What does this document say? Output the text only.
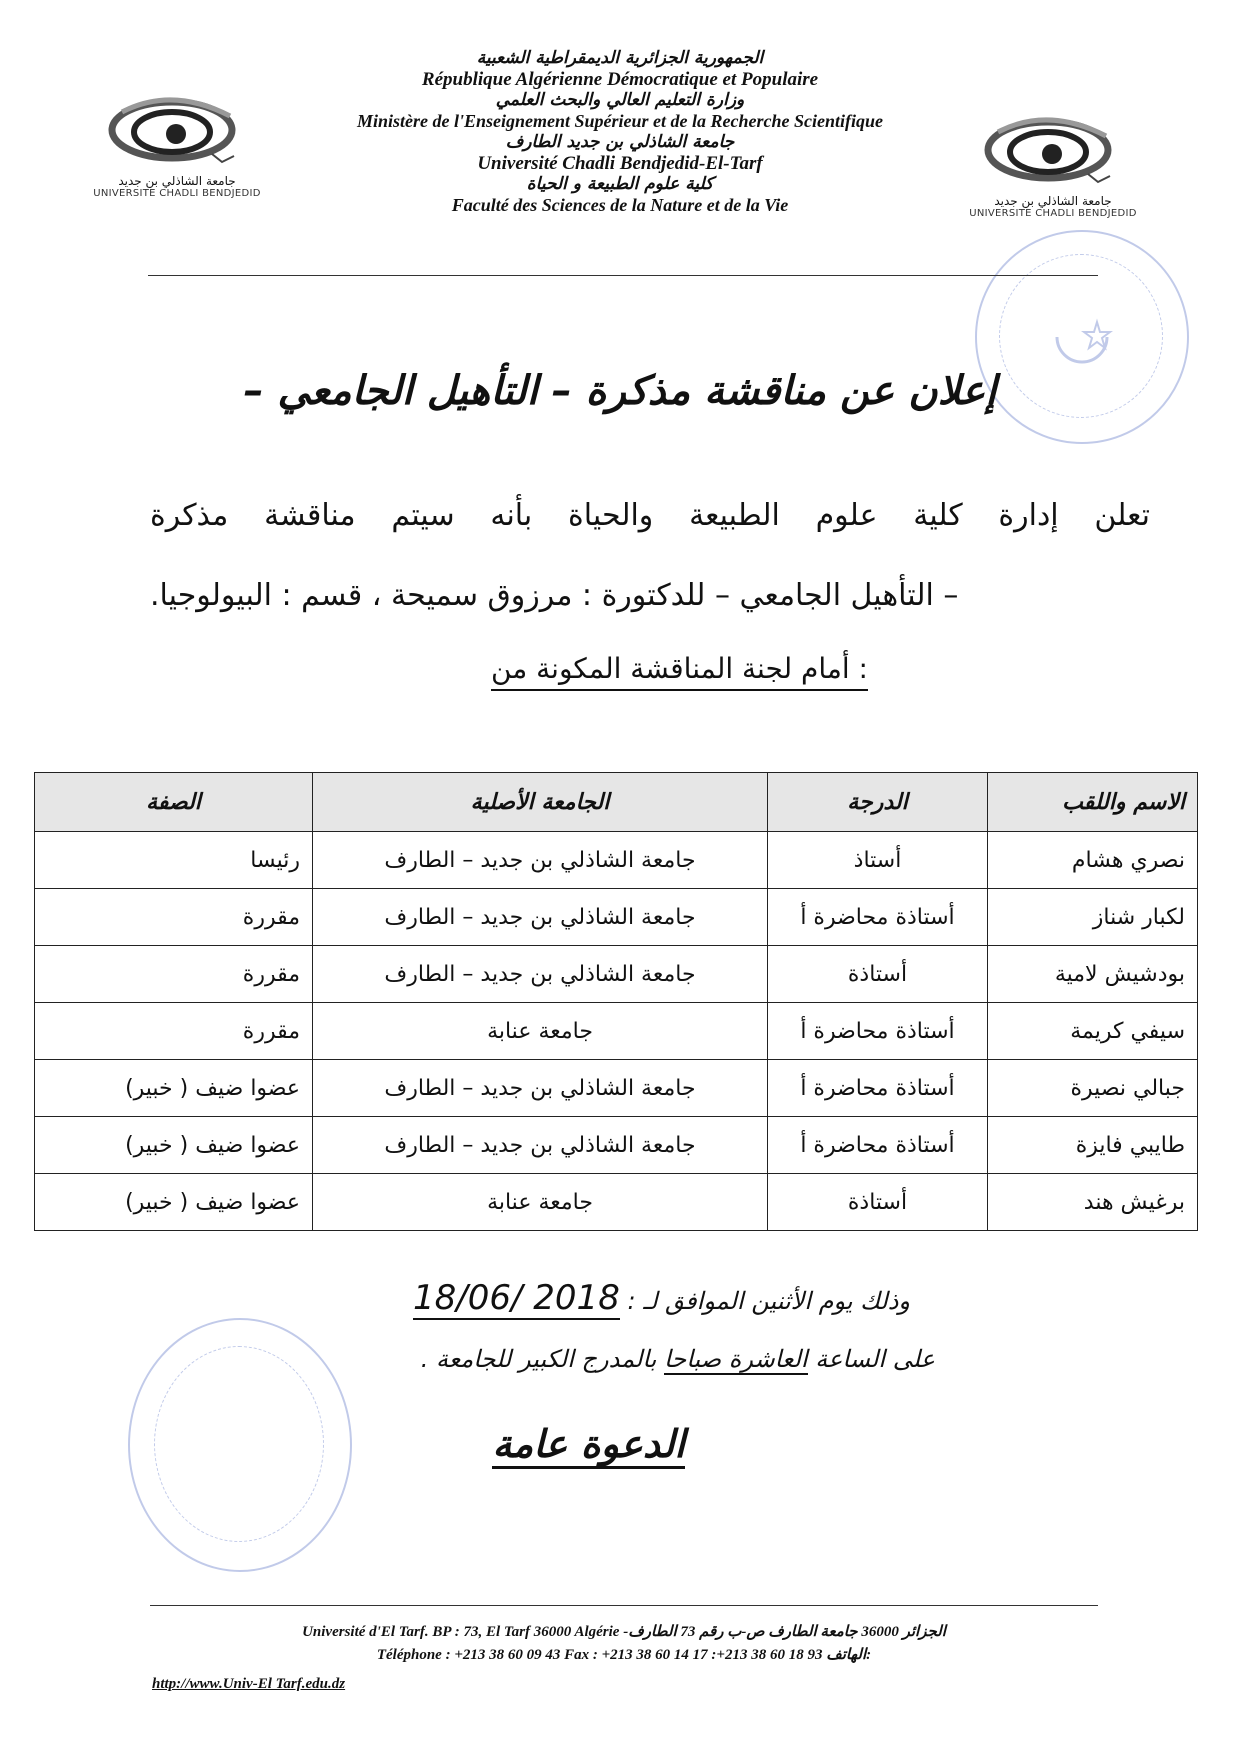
جامعة الشاذلي بن جديد
UNIVERSITE CHADLI BENDJEDID
جامعة الشاذلي بن جديد
UNIVERSITE CHADLI BENDJEDID
الجمهورية الجزائرية الديمقراطية الشعبية
République Algérienne Démocratique et Populaire
وزارة التعليم العالي والبحث العلمي
Ministère de l'Enseignement Supérieur et de la Recherche Scientifique
جامعة الشاذلي بن جديد الطارف
Université Chadli Bendjedid-El-Tarf
كلية علوم الطبيعة و الحياة
Faculté des Sciences de la Nature et de la Vie
إعلان عن مناقشة مذكرة – التأهيل الجامعي –
تعلن إدارة كلية علوم الطبيعة والحياة بأنه سيتم مناقشة مذكرة
– التأهيل الجامعي – للدكتورة : مرزوق سميحة ، قسم : البيولوجيا.
أمام لجنة المناقشة المكونة من :
الاسم واللقب	الدرجة	الجامعة الأصلية	الصفة
نصري هشام	أستاذ	جامعة الشاذلي بن جديد – الطارف	رئيسا
لكبار شناز	أستاذة محاضرة أ	جامعة الشاذلي بن جديد – الطارف	مقررة
بودشيش لامية	أستاذة	جامعة الشاذلي بن جديد – الطارف	مقررة
سيفي كريمة	أستاذة محاضرة أ	جامعة عنابة	مقررة
جبالي نصيرة	أستاذة محاضرة أ	جامعة الشاذلي بن جديد – الطارف	عضوا ضيف ( خبير)
طايبي فايزة	أستاذة محاضرة أ	جامعة الشاذلي بن جديد – الطارف	عضوا ضيف ( خبير)
برغيش هند	أستاذة	جامعة عنابة	عضوا ضيف ( خبير)
وذلك يوم الأثنين الموافق لـ : 18/06/ 2018
على الساعة العاشرة صباحا بالمدرج الكبير للجامعة .
الدعوة عامة
Université d'El Tarf. BP : 73, El Tarf 36000 Algérie -الجزائر 36000 جامعة الطارف ص-ب رقم 73 الطارف
Téléphone : +213 38 60 09 43 Fax : +213 38 60 14 17 :+213 38 60 18 93 الهاتف:
http://www.Univ-El Tarf.edu.dz
